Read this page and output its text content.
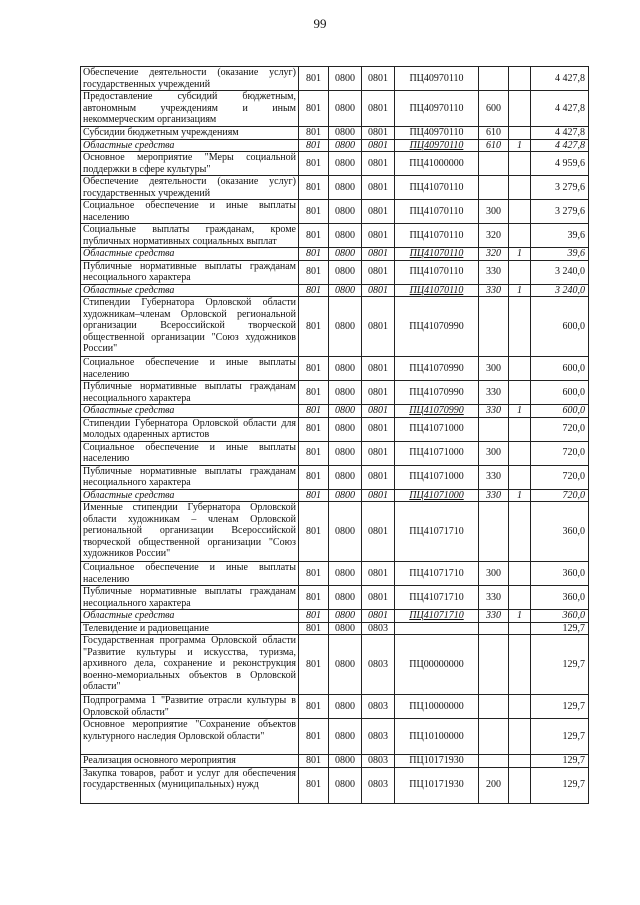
99
Обеспечение деятельности (оказание услуг) государственных учреждений	801	0800	0801	ПЦ40970110			4 427,8
Предоставление субсидий бюджетным, автономным учреждениям и иным некоммерческим организациям	801	0800	0801	ПЦ40970110	600		4 427,8
Субсидии бюджетным учреждениям	801	0800	0801	ПЦ40970110	610		4 427,8
Областные средства	801	0800	0801	ПЦ40970110	610	1	4 427,8
Основное мероприятие "Меры социальной поддержки в сфере культуры"	801	0800	0801	ПЦ41000000			4 959,6
Обеспечение деятельности (оказание услуг) государственных учреждений	801	0800	0801	ПЦ41070110			3 279,6
Социальное обеспечение и иные выплаты населению	801	0800	0801	ПЦ41070110	300		3 279,6
Социальные выплаты гражданам, кроме публичных нормативных социальных выплат	801	0800	0801	ПЦ41070110	320		39,6
Областные средства	801	0800	0801	ПЦ41070110	320	1	39,6
Публичные нормативные выплаты гражданам несоциального характера	801	0800	0801	ПЦ41070110	330		3 240,0
Областные средства	801	0800	0801	ПЦ41070110	330	1	3 240,0
Стипендии Губернатора Орловской области художникам–членам Орловской региональной организации Всероссийской творческой общественной организации "Союз художников России"	801	0800	0801	ПЦ41070990			600,0
Социальное обеспечение и иные выплаты населению	801	0800	0801	ПЦ41070990	300		600,0
Публичные нормативные выплаты гражданам несоциального характера	801	0800	0801	ПЦ41070990	330		600,0
Областные средства	801	0800	0801	ПЦ41070990	330	1	600,0
Стипендии Губернатора Орловской области для молодых одаренных артистов	801	0800	0801	ПЦ41071000			720,0
Социальное обеспечение и иные выплаты населению	801	0800	0801	ПЦ41071000	300		720,0
Публичные нормативные выплаты гражданам несоциального характера	801	0800	0801	ПЦ41071000	330		720,0
Областные средства	801	0800	0801	ПЦ41071000	330	1	720,0
Именные стипендии Губернатора Орловской области художникам – членам Орловской региональной организации Всероссийской творческой общественной организации "Союз художников России"	801	0800	0801	ПЦ41071710			360,0
Социальное обеспечение и иные выплаты населению	801	0800	0801	ПЦ41071710	300		360,0
Публичные нормативные выплаты гражданам несоциального характера	801	0800	0801	ПЦ41071710	330		360,0
Областные средства	801	0800	0801	ПЦ41071710	330	1	360,0
Телевидение и радиовещание	801	0800	0803				129,7
Государственная программа Орловской области "Развитие культуры и искусства, туризма, архивного дела, сохранение и реконструкция военно-мемориальных объектов в Орловской области"	801	0800	0803	ПЦ00000000			129,7
Подпрограмма 1 "Развитие отрасли культуры в Орловской области"	801	0800	0803	ПЦ10000000			129,7
Основное мероприятие "Сохранение объектов культурного наследия Орловской области"	801	0800	0803	ПЦ10100000			129,7
Реализация основного мероприятия	801	0800	0803	ПЦ10171930			129,7
Закупка товаров, работ и услуг для обеспечения государственных (муниципальных) нужд	801	0800	0803	ПЦ10171930	200		129,7
